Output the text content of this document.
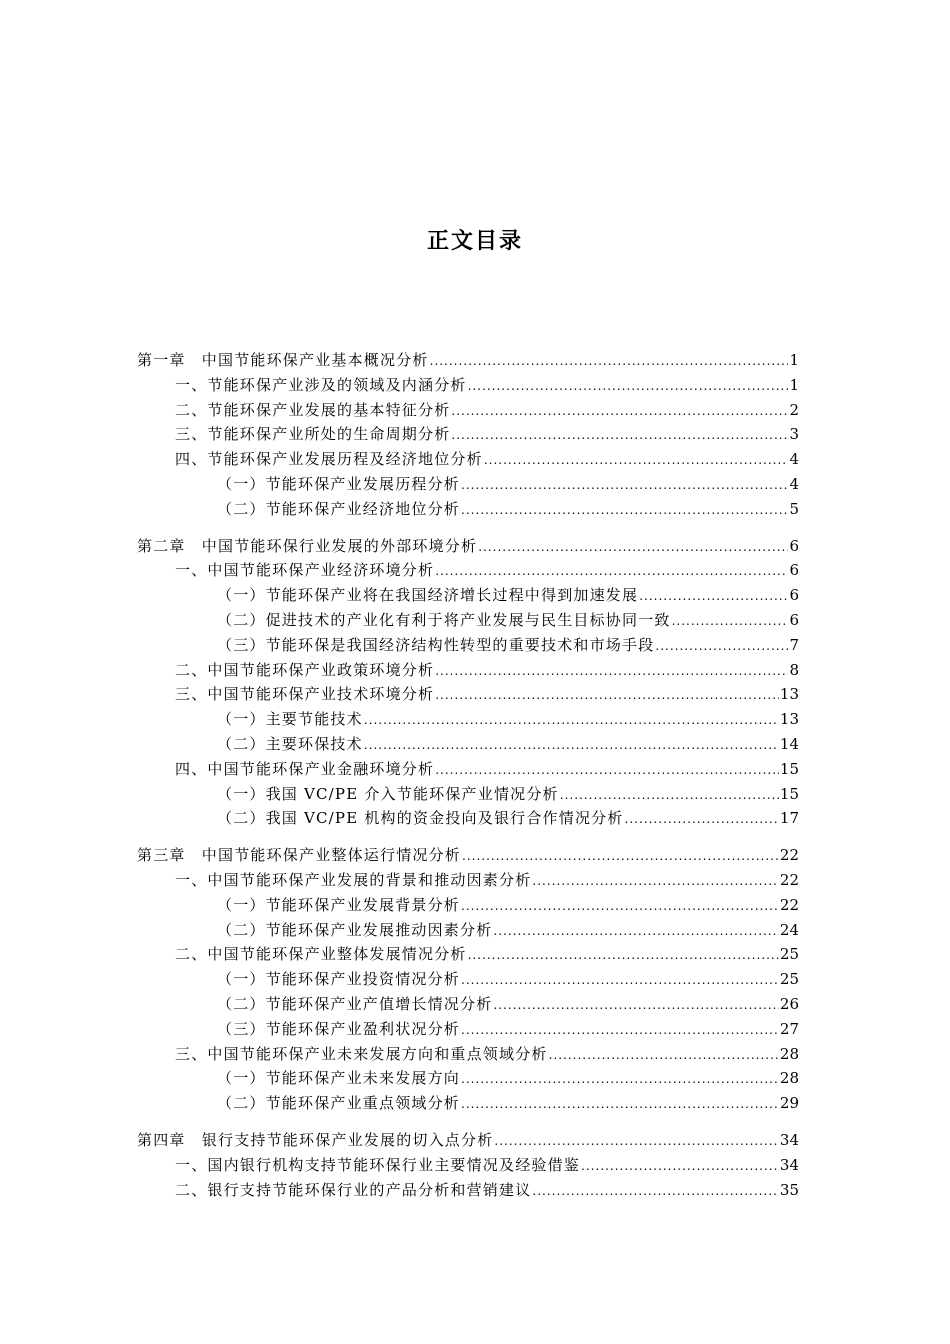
正文目录
第一章　中国节能环保产业基本概况分析 .....	1
一、节能环保产业涉及的领域及内涵分析 .....	1
二、节能环保产业发展的基本特征分析 .....	2
三、节能环保产业所处的生命周期分析 .....	3
四、节能环保产业发展历程及经济地位分析 .....	4
（一）节能环保产业发展历程分析 .....	4
（二）节能环保产业经济地位分析 .....	5
第二章　中国节能环保行业发展的外部环境分析 .....	6
一、中国节能环保产业经济环境分析 .....	6
（一）节能环保产业将在我国经济增长过程中得到加速发展 .....	6
（二）促进技术的产业化有利于将产业发展与民生目标协同一致 .....	6
（三）节能环保是我国经济结构性转型的重要技术和市场手段 .....	7
二、中国节能环保产业政策环境分析 .....	8
三、中国节能环保产业技术环境分析 .....	13
（一）主要节能技术 .....	13
（二）主要环保技术 .....	14
四、中国节能环保产业金融环境分析 .....	15
（一）我国 VC/PE 介入节能环保产业情况分析 .....	15
（二）我国 VC/PE 机构的资金投向及银行合作情况分析 .....	17
第三章　中国节能环保产业整体运行情况分析 .....	22
一、中国节能环保产业发展的背景和推动因素分析 .....	22
（一）节能环保产业发展背景分析 .....	22
（二）节能环保产业发展推动因素分析 .....	24
二、中国节能环保产业整体发展情况分析 .....	25
（一）节能环保产业投资情况分析 .....	25
（二）节能环保产业产值增长情况分析 .....	26
（三）节能环保产业盈利状况分析 .....	27
三、中国节能环保产业未来发展方向和重点领域分析 .....	28
（一）节能环保产业未来发展方向 .....	28
（二）节能环保产业重点领域分析 .....	29
第四章　银行支持节能环保产业发展的切入点分析 .....	34
一、国内银行机构支持节能环保行业主要情况及经验借鉴 .....	34
二、银行支持节能环保行业的产品分析和营销建议 .....	35
